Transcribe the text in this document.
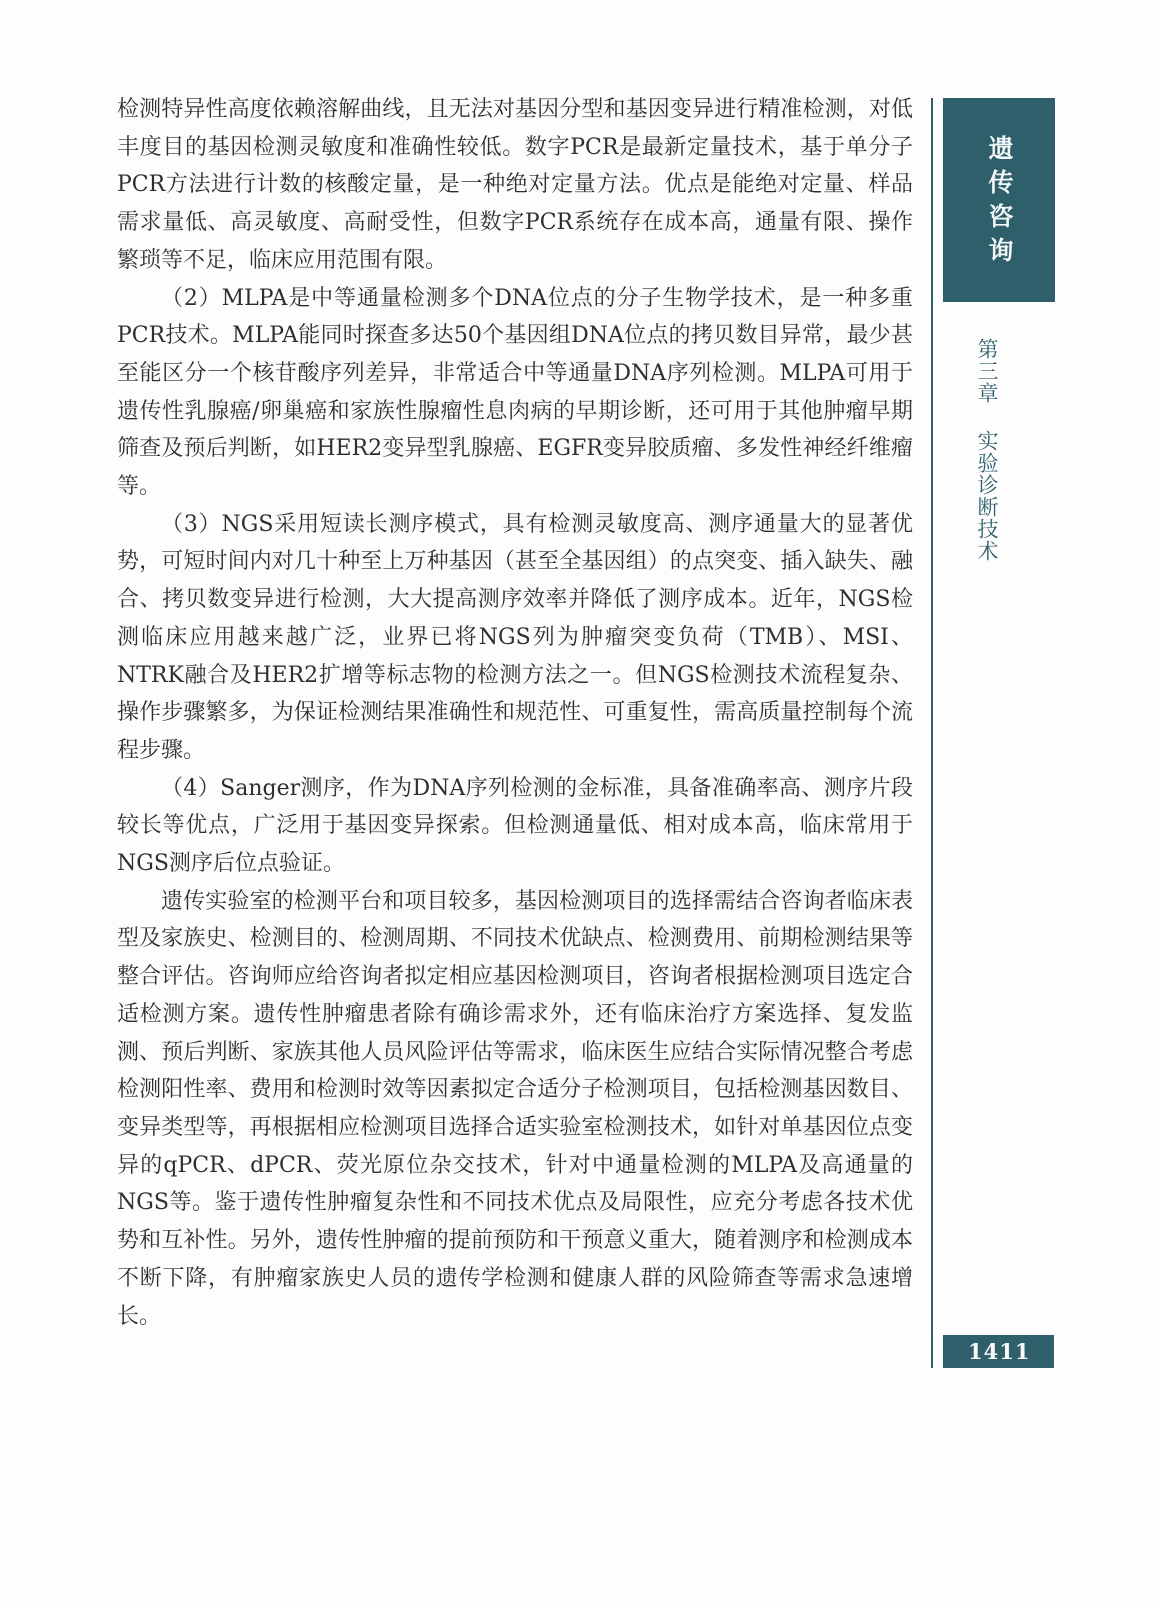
检测特异性高度依赖溶解曲线，且无法对基因分型和基因变异进行精准检测，对低丰度目的基因检测灵敏度和准确性较低。数字PCR是最新定量技术，基于单分子PCR方法进行计数的核酸定量，是一种绝对定量方法。优点是能绝对定量、样品需求量低、高灵敏度、高耐受性，但数字PCR系统存在成本高，通量有限、操作繁琐等不足，临床应用范围有限。

（2）MLPA是中等通量检测多个DNA位点的分子生物学技术，是一种多重PCR技术。MLPA能同时探查多达50个基因组DNA位点的拷贝数目异常，最少甚至能区分一个核苷酸序列差异，非常适合中等通量DNA序列检测。MLPA可用于遗传性乳腺癌/卵巢癌和家族性腺瘤性息肉病的早期诊断，还可用于其他肿瘤早期筛查及预后判断，如HER2变异型乳腺癌、EGFR变异胶质瘤、多发性神经纤维瘤等。

（3）NGS采用短读长测序模式，具有检测灵敏度高、测序通量大的显著优势，可短时间内对几十种至上万种基因（甚至全基因组）的点突变、插入缺失、融合、拷贝数变异进行检测，大大提高测序效率并降低了测序成本。近年，NGS检测临床应用越来越广泛，业界已将NGS列为肿瘤突变负荷（TMB）、MSI、NTRK融合及HER2扩增等标志物的检测方法之一。但NGS检测技术流程复杂、操作步骤繁多，为保证检测结果准确性和规范性、可重复性，需高质量控制每个流程步骤。

（4）Sanger测序，作为DNA序列检测的金标准，具备准确率高、测序片段较长等优点，广泛用于基因变异探索。但检测通量低、相对成本高，临床常用于NGS测序后位点验证。

遗传实验室的检测平台和项目较多，基因检测项目的选择需结合咨询者临床表型及家族史、检测目的、检测周期、不同技术优缺点、检测费用、前期检测结果等整合评估。咨询师应给咨询者拟定相应基因检测项目，咨询者根据检测项目选定合适检测方案。遗传性肿瘤患者除有确诊需求外，还有临床治疗方案选择、复发监测、预后判断、家族其他人员风险评估等需求，临床医生应结合实际情况整合考虑检测阳性率、费用和检测时效等因素拟定合适分子检测项目，包括检测基因数目、变异类型等，再根据相应检测项目选择合适实验室检测技术，如针对单基因位点变异的qPCR、dPCR、荧光原位杂交技术，针对中通量检测的MLPA及高通量的NGS等。鉴于遗传性肿瘤复杂性和不同技术优点及局限性，应充分考虑各技术优势和互补性。另外，遗传性肿瘤的提前预防和干预意义重大，随着测序和检测成本不断下降，有肿瘤家族史人员的遗传学检测和健康人群的风险筛查等需求急速增长。

遗传咨询
第三章 实验诊断技术
1411
